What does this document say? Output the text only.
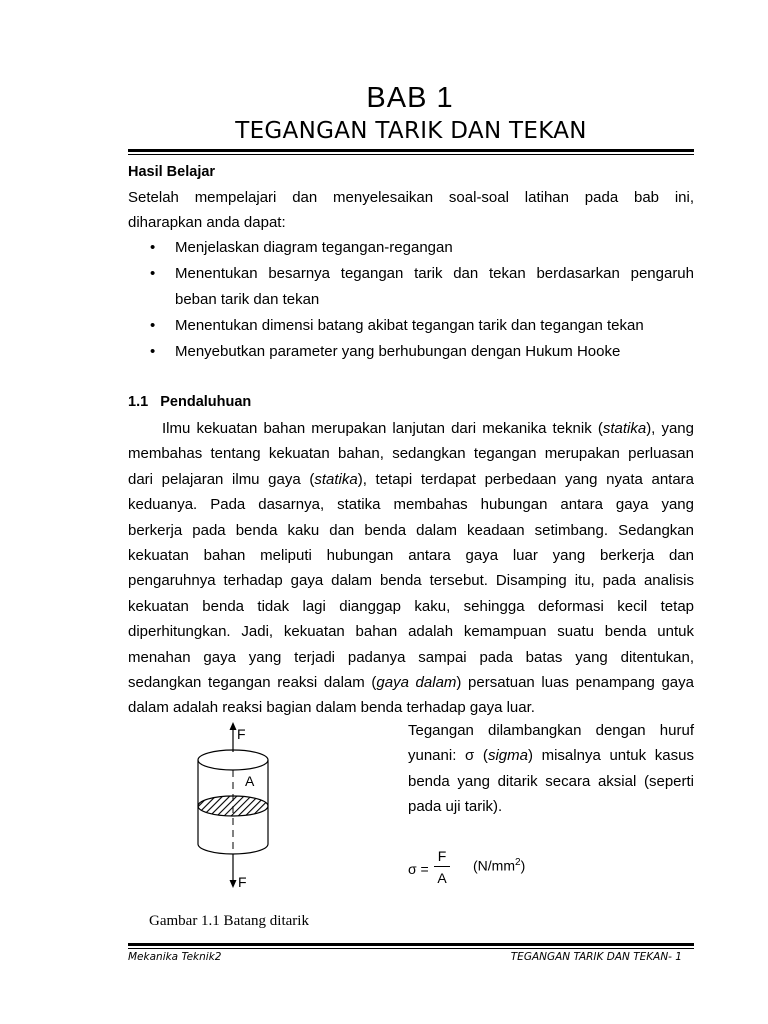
BAB 1
TEGANGAN TARIK DAN TEKAN
Hasil Belajar
Setelah mempelajari dan menyelesaikan soal-soal latihan pada bab ini,
diharapkan anda dapat:
• Menjelaskan diagram tegangan-regangan
• Menentukan besarnya tegangan tarik dan tekan berdasarkan pengaruh
beban tarik dan tekan
• Menentukan dimensi batang akibat tegangan tarik dan tegangan tekan
• Menyebutkan parameter yang berhubungan dengan Hukum Hooke
1.1   Pendaluhuan
Ilmu kekuatan bahan merupakan lanjutan dari mekanika teknik (statika), yang
membahas tentang kekuatan bahan, sedangkan tegangan merupakan perluasan
dari pelajaran ilmu gaya (statika), tetapi terdapat perbedaan yang nyata antara
keduanya. Pada dasarnya, statika membahas hubungan antara gaya yang
berkerja pada benda kaku dan benda dalam keadaan setimbang. Sedangkan
kekuatan bahan meliputi hubungan antara gaya luar yang berkerja dan
pengaruhnya terhadap gaya dalam benda tersebut. Disamping itu, pada analisis
kekuatan benda tidak lagi dianggap kaku, sehingga deformasi kecil tetap
diperhitungkan. Jadi, kekuatan bahan adalah kemampuan suatu benda untuk
menahan gaya yang terjadi padanya sampai pada batas yang ditentukan,
sedangkan tegangan reaksi dalam (gaya dalam) persatuan luas penampang gaya
dalam adalah reaksi bagian dalam benda terhadap gaya luar.
Tegangan dilambangkan dengan huruf
yunani: σ (sigma) misalnya untuk kasus
benda yang ditarik secara aksial (seperti
pada uji tarik).
F
A
F
Gambar 1.1 Batang ditarik
σ =
F
A
$(N/mm^2)$
Mekanika Teknik2	TEGANGAN TARIK DAN TEKAN- 1
